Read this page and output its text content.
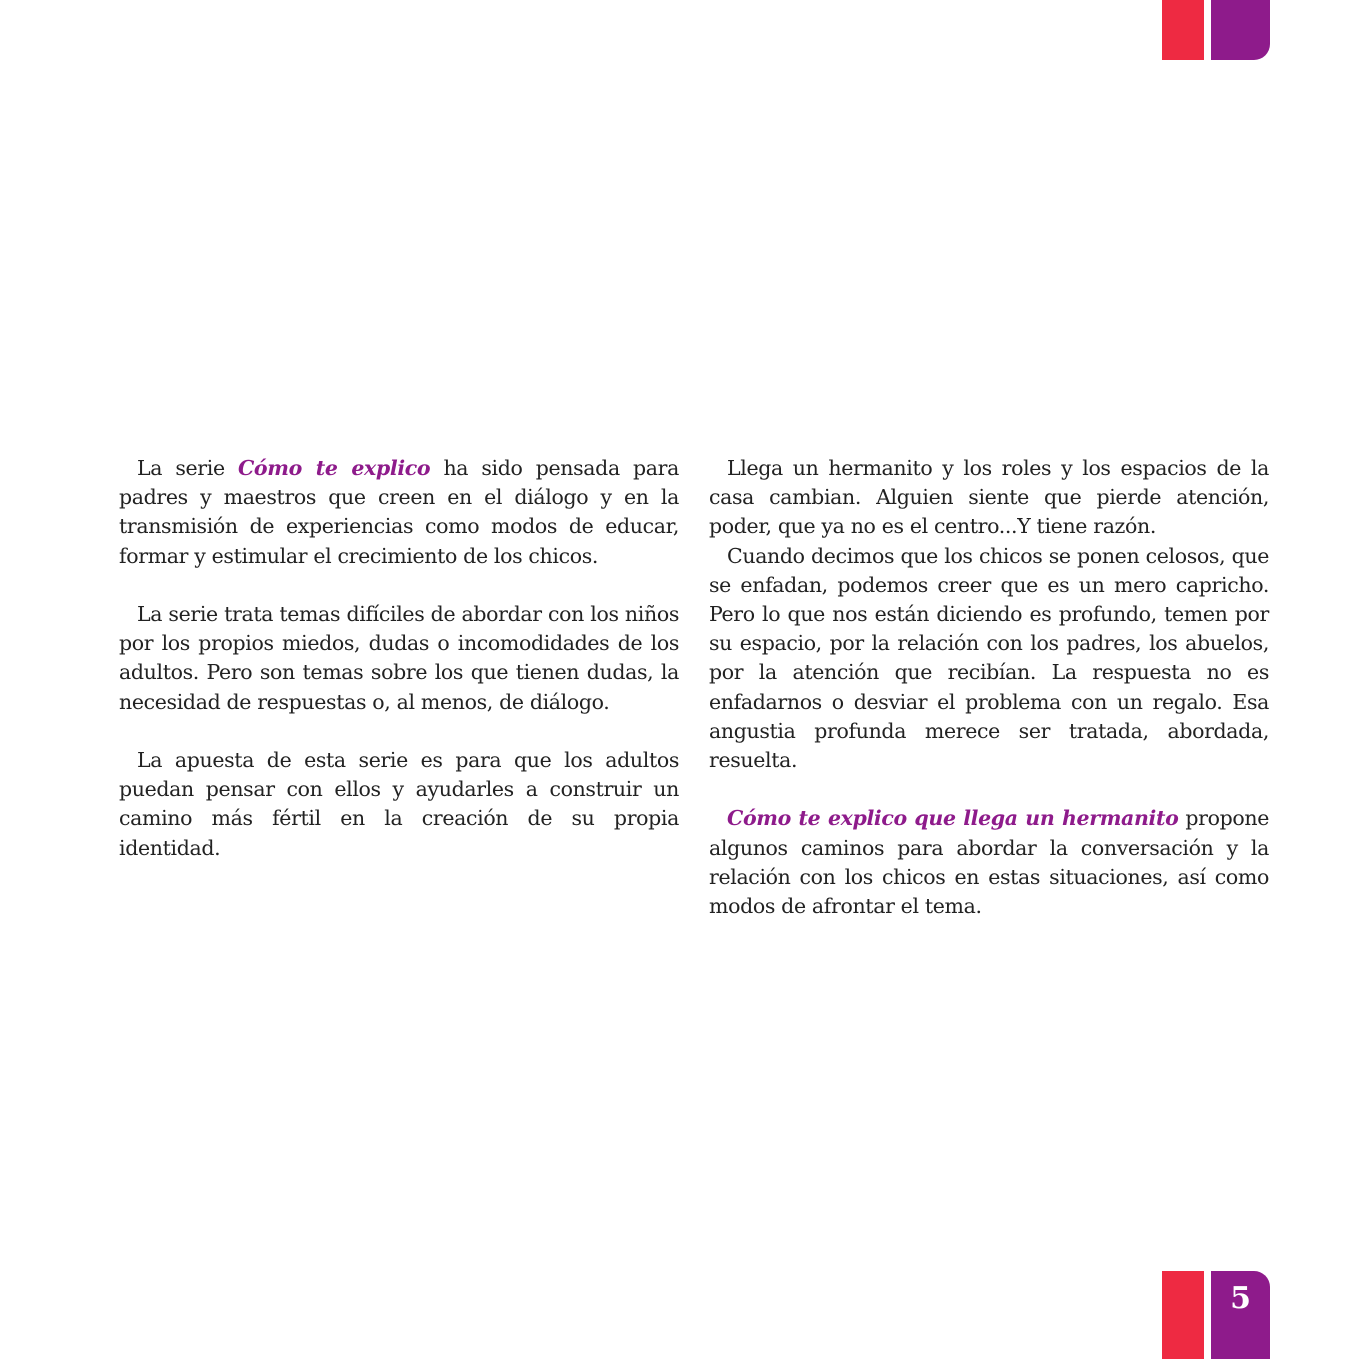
La serie Cómo te explico ha sido pensada para padres y maestros que creen en el diálogo y en la transmisión de experiencias como modos de educar, formar y estimular el crecimiento de los chicos.

La serie trata temas difíciles de abordar con los niños por los propios miedos, dudas o incomodidades de los adultos. Pero son temas sobre los que tienen dudas, la necesidad de respuestas o, al menos, de diálogo.

La apuesta de esta serie es para que los adultos puedan pensar con ellos y ayudarles a construir un camino más fértil en la creación de su propia identidad.

Llega un hermanito y los roles y los espacios de la casa cambian. Alguien siente que pierde atención, poder, que ya no es el centro...Y tiene razón.

Cuando decimos que los chicos se ponen celosos, que se enfadan, podemos creer que es un mero capricho. Pero lo que nos están diciendo es profundo, temen por su espacio, por la relación con los padres, los abuelos, por la atención que recibían. La respuesta no es enfadarnos o desviar el problema con un regalo. Esa angustia profunda merece ser tratada, abordada, resuelta.

Cómo te explico que llega un hermanito propone algunos caminos para abordar la conversación y la relación con los chicos en estas situaciones, así como modos de afrontar el tema.

5
